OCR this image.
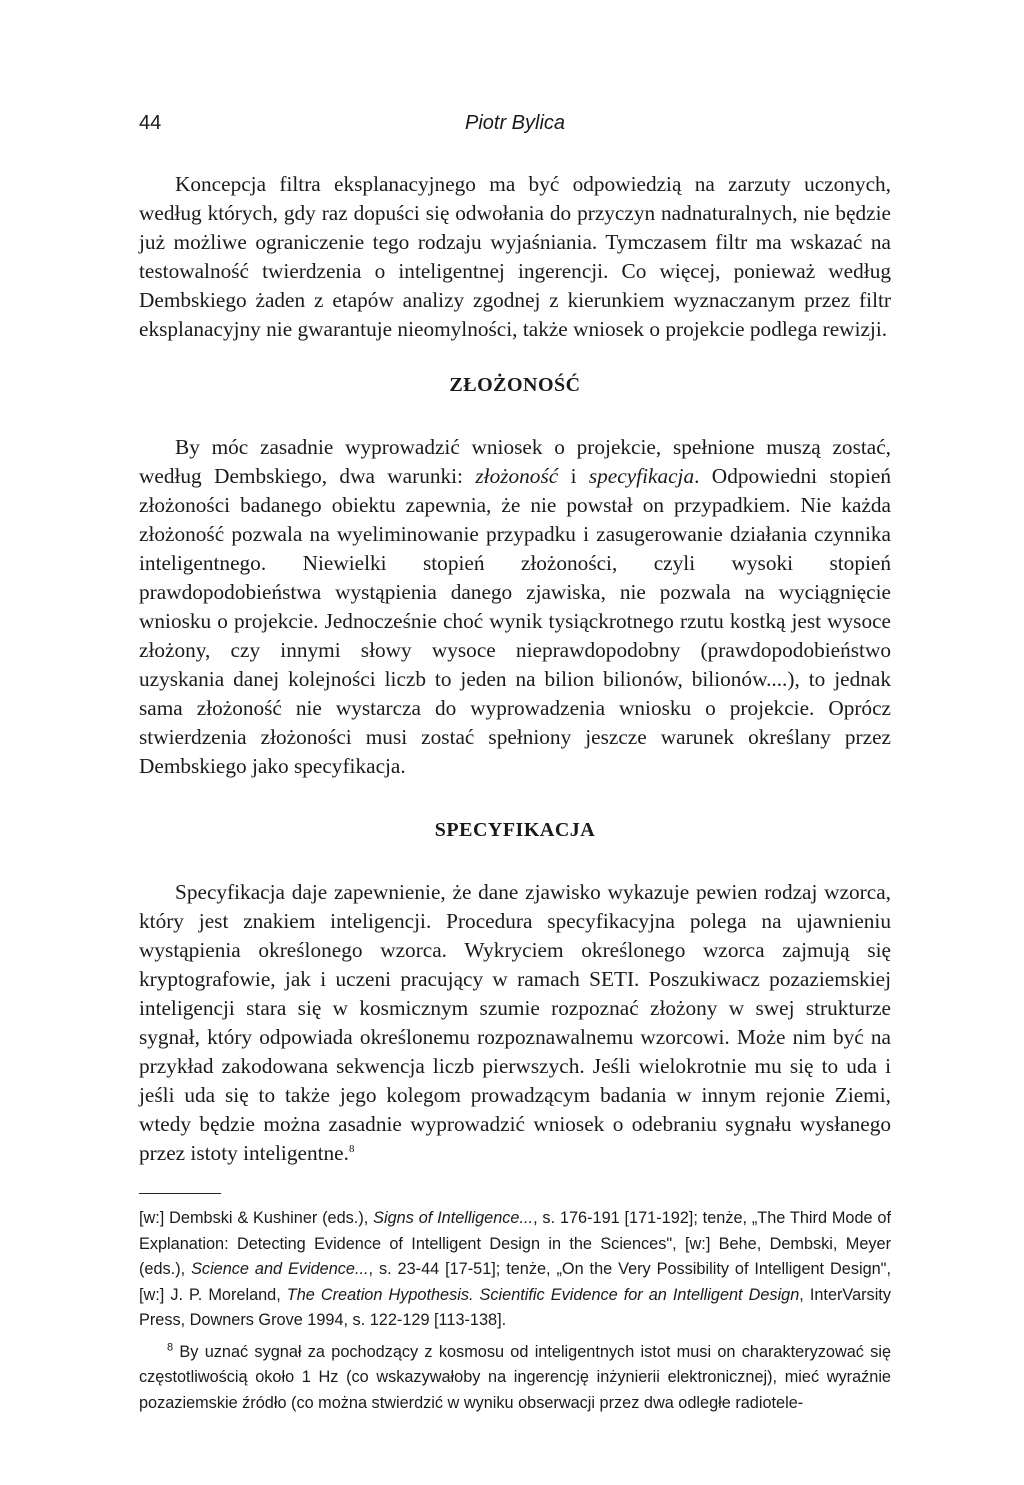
44	Piotr Bylica

Koncepcja filtra eksplanacyjnego ma być odpowiedzią na zarzuty uczonych, według których, gdy raz dopuści się odwołania do przyczyn nadnaturalnych, nie będzie już możliwe ograniczenie tego rodzaju wyjaśniania. Tymczasem filtr ma wskazać na testowalność twierdzenia o inteligentnej ingerencji. Co więcej, ponieważ według Dembskiego żaden z etapów analizy zgodnej z kierunkiem wyznaczanym przez filtr eksplanacyjny nie gwarantuje nieomylności, także wniosek o projekcie podlega rewizji.

ZŁOŻONOŚĆ

By móc zasadnie wyprowadzić wniosek o projekcie, spełnione muszą zostać, według Dembskiego, dwa warunki: złożoność i specyfikacja. Odpowiedni stopień złożoności badanego obiektu zapewnia, że nie powstał on przypadkiem. Nie każda złożoność pozwala na wyeliminowanie przypadku i zasugerowanie działania czynnika inteligentnego. Niewielki stopień złożoności, czyli wysoki stopień prawdopodobieństwa wystąpienia danego zjawiska, nie pozwala na wyciągnięcie wniosku o projekcie. Jednocześnie choć wynik tysiąckrotnego rzutu kostką jest wysoce złożony, czy innymi słowy wysoce nieprawdopodobny (prawdopodobieństwo uzyskania danej kolejności liczb to jeden na bilion bilionów, bilionów....), to jednak sama złożoność nie wystarcza do wyprowadzenia wniosku o projekcie. Oprócz stwierdzenia złożoności musi zostać spełniony jeszcze warunek określany przez Dembskiego jako specyfikacja.

SPECYFIKACJA

Specyfikacja daje zapewnienie, że dane zjawisko wykazuje pewien rodzaj wzorca, który jest znakiem inteligencji. Procedura specyfikacyjna polega na ujawnieniu wystąpienia określonego wzorca. Wykryciem określonego wzorca zajmują się kryptografowie, jak i uczeni pracujący w ramach SETI. Poszukiwacz pozaziemskiej inteligencji stara się w kosmicznym szumie rozpoznać złożony w swej strukturze sygnał, który odpowiada określonemu rozpoznawalnemu wzorcowi. Może nim być na przykład zakodowana sekwencja liczb pierwszych. Jeśli wielokrotnie mu się to uda i jeśli uda się to także jego kolegom prowadzącym badania w innym rejonie Ziemi, wtedy będzie można zasadnie wyprowadzić wniosek o odebraniu sygnału wysłanego przez istoty inteligentne.$^8$

[w:] Dembski & Kushiner (eds.), Signs of Intelligence..., s. 176-191 [171-192]; tenże, „The Third Mode of Explanation: Detecting Evidence of Intelligent Design in the Sciences", [w:] Behe, Dembski, Meyer (eds.), Science and Evidence..., s. 23-44 [17-51]; tenże, „On the Very Possibility of Intelligent Design", [w:] J. P. Moreland, The Creation Hypothesis. Scientific Evidence for an Intelligent Design, InterVarsity Press, Downers Grove 1994, s. 122-129 [113-138].

$^8$ By uznać sygnał za pochodzący z kosmosu od inteligentnych istot musi on charakteryzować się częstotliwością około 1 Hz (co wskazywałoby na ingerencję inżynierii elektronicznej), mieć wyraźnie pozaziemskie źródło (co można stwierdzić w wyniku obserwacji przez dwa odległe radiotele-
